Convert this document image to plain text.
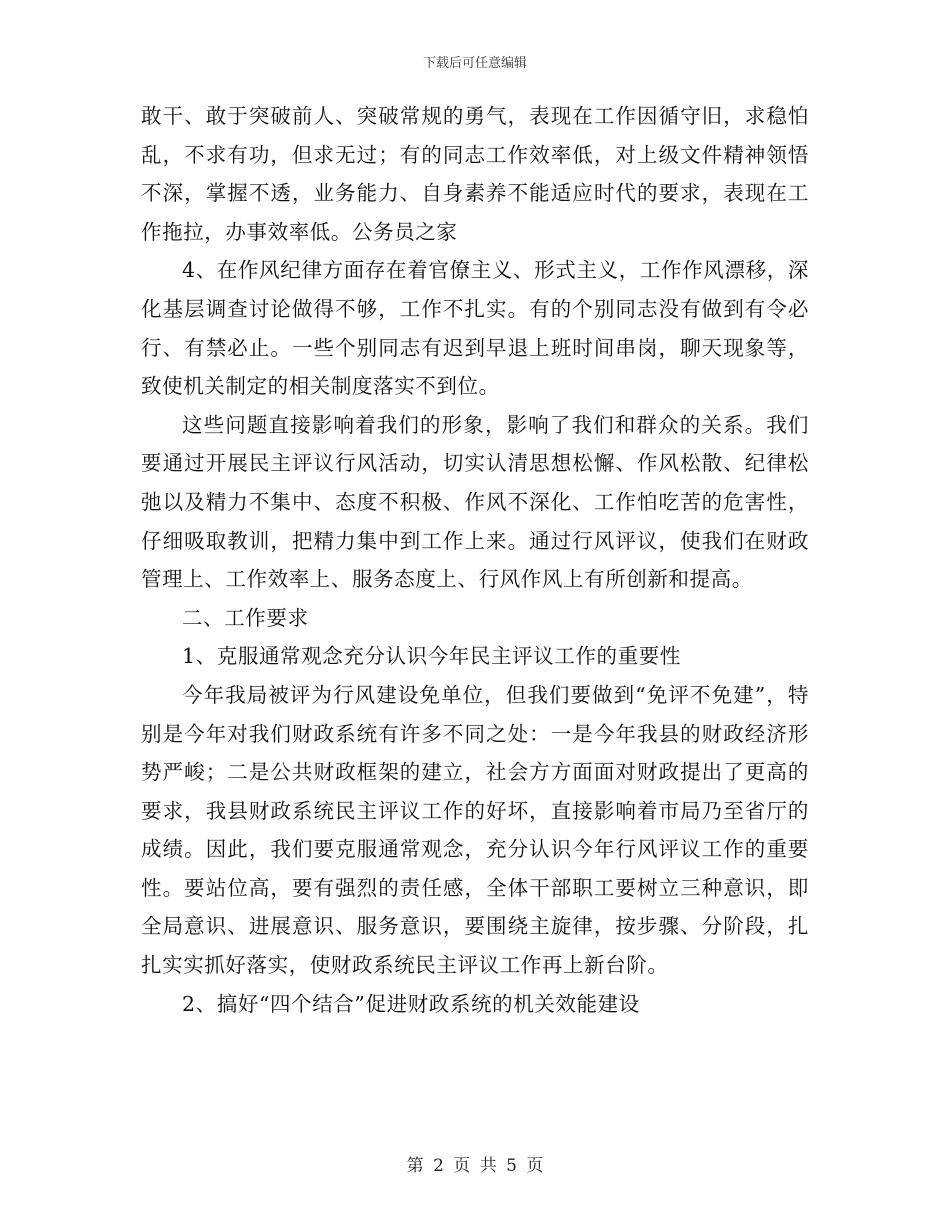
下载后可任意编辑

敢干、敢于突破前人、突破常规的勇气，表现在工作因循守旧，求稳怕乱，不求有功，但求无过；有的同志工作效率低，对上级文件精神领悟不深，掌握不透，业务能力、自身素养不能适应时代的要求，表现在工作拖拉，办事效率低。公务员之家

4、在作风纪律方面存在着官僚主义、形式主义，工作作风漂移，深化基层调查讨论做得不够，工作不扎实。有的个别同志没有做到有令必行、有禁必止。一些个别同志有迟到早退上班时间串岗，聊天现象等，致使机关制定的相关制度落实不到位。

这些问题直接影响着我们的形象，影响了我们和群众的关系。我们要通过开展民主评议行风活动，切实认清思想松懈、作风松散、纪律松弛以及精力不集中、态度不积极、作风不深化、工作怕吃苦的危害性，仔细吸取教训，把精力集中到工作上来。通过行风评议，使我们在财政管理上、工作效率上、服务态度上、行风作风上有所创新和提高。

二、工作要求

1、克服通常观念充分认识今年民主评议工作的重要性

今年我局被评为行风建设免单位，但我们要做到“免评不免建”，特别是今年对我们财政系统有许多不同之处：一是今年我县的财政经济形势严峻；二是公共财政框架的建立，社会方方面面对财政提出了更高的要求，我县财政系统民主评议工作的好坏，直接影响着市局乃至省厅的成绩。因此，我们要克服通常观念，充分认识今年行风评议工作的重要性。要站位高，要有强烈的责任感，全体干部职工要树立三种意识，即全局意识、进展意识、服务意识，要围绕主旋律，按步骤、分阶段，扎扎实实抓好落实，使财政系统民主评议工作再上新台阶。

2、搞好“四个结合”促进财政系统的机关效能建设

第 2 页 共 5 页
